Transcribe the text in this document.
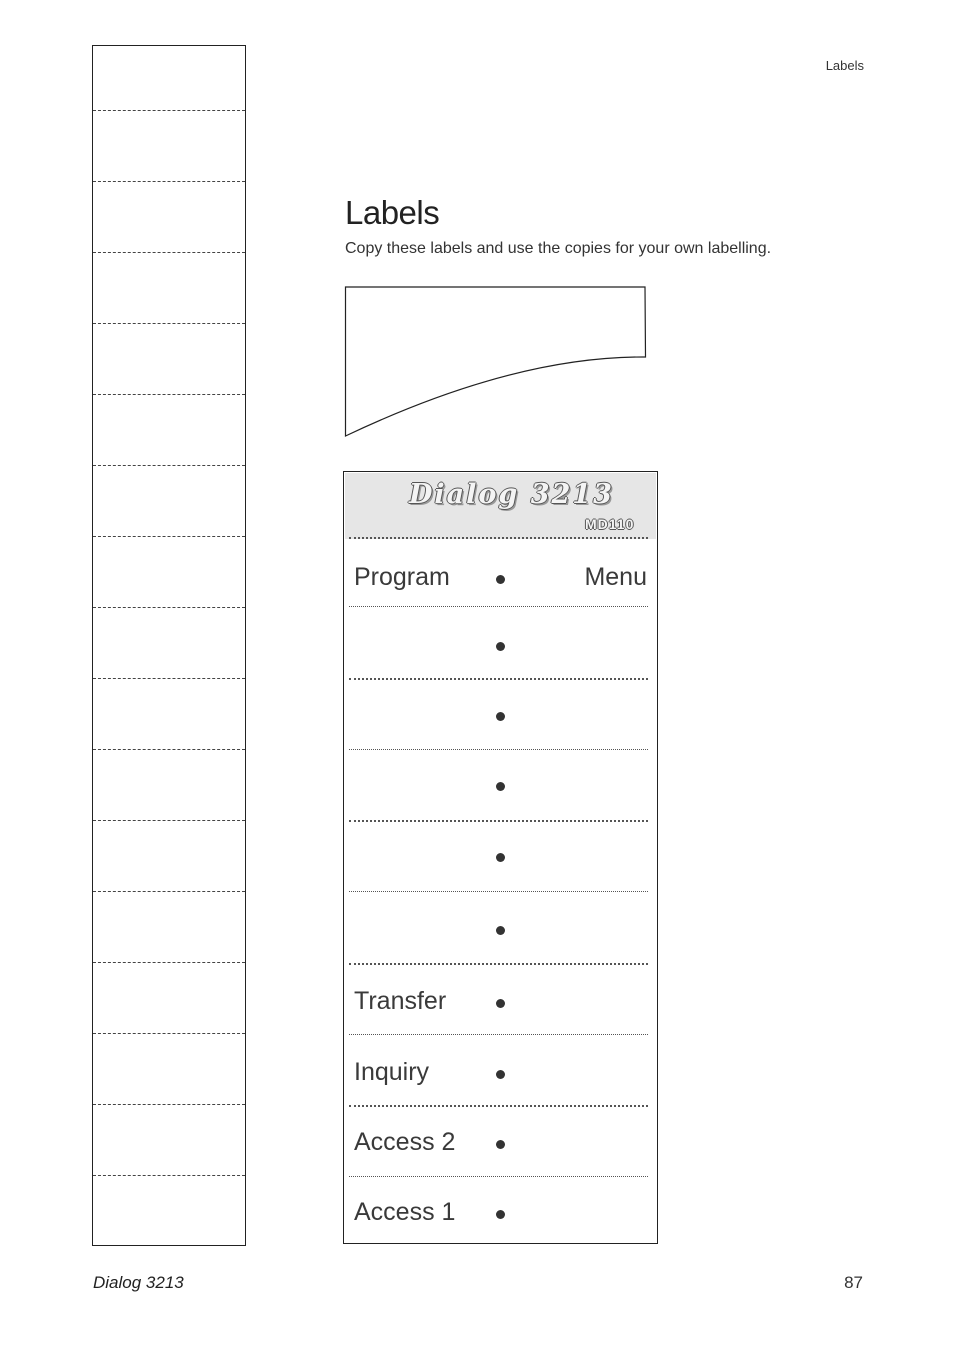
Labels
Labels
Copy these labels and use the copies for your own labelling.
Dialog 3213
MD110
Program	Menu
Transfer
Inquiry
Access 2
Access 1
Dialog 3213	87
